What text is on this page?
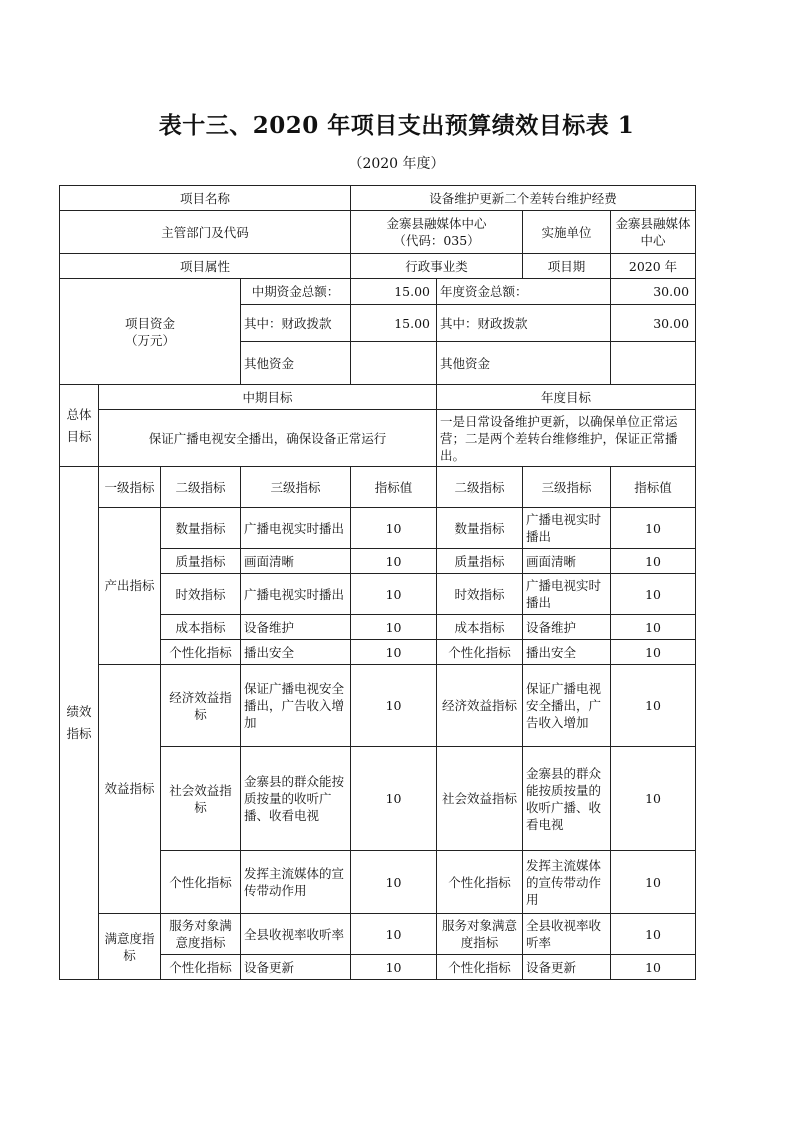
表十三、2020 年项目支出预算绩效目标表 1
（2020 年度）
项目名称				设备维护更新二个差转台维护经费			
主管部门及代码				金寨县融媒体中心
（代码：035）		实施单位	金寨县融媒体中心
项目属性				行政事业类		项目期	2020 年

项目资金
（万元）			中期资金总额：	15.00	年度资金总额：		30.00
			其中：财政拨款	15.00	其中：财政拨款		30.00
			其他资金		其他资金		
总体目标	中期目标				年度目标		
	保证广播电视安全播出，确保设备正常运行				一是日常设备维护更新，以确保单位正常运营；二是两个差转台维修维护，保证正常播出。		
绩效指标	一级指标	二级指标	三级指标	指标值	二级指标	三级指标	指标值
	产出指标	数量指标	广播电视实时播出	10	数量指标	广播电视实时播出	10
		质量指标	画面清晰	10	质量指标	画面清晰	10
		时效指标	广播电视实时播出	10	时效指标	广播电视实时播出	10
		成本指标	设备维护	10	成本指标	设备维护	10
		个性化指标	播出安全	10	个性化指标	播出安全	10
	效益指标	经济效益指标	保证广播电视安全播出，广告收入增加	10	经济效益指标	保证广播电视安全播出，广告收入增加	10
		社会效益指标	金寨县的群众能按质按量的收听广播、收看电视	10	社会效益指标	金寨县的群众能按质按量的收听广播、收看电视	10
		个性化指标	发挥主流媒体的宣传带动作用	10	个性化指标	发挥主流媒体的宣传带动作用	10
	满意度指标	服务对象满意度指标	全县收视率收听率	10	服务对象满意度指标	全县收视率收听率	10
		个性化指标	设备更新	10	个性化指标	设备更新	10
